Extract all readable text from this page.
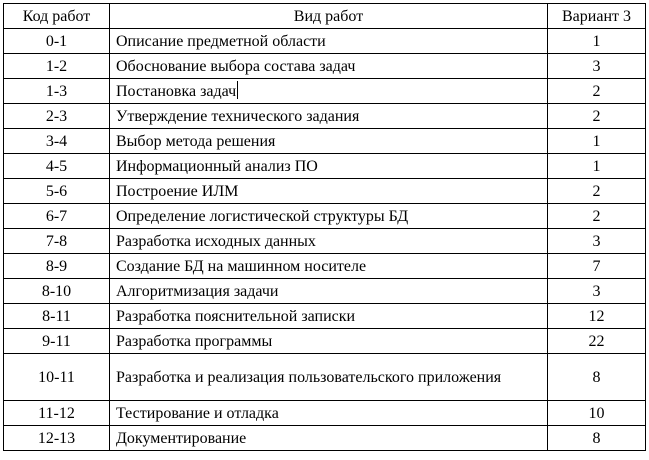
Код работ	Вид работ	Вариант 3
0-1	Описание предметной области	1
1-2	Обоснование выбора состава задач	3
1-3	Постановка задач	2
2-3	Утверждение технического задания	2
3-4	Выбор метода решения	1
4-5	Информационный анализ ПО	1
5-6	Построение ИЛМ	2
6-7	Определение логистической структуры БД	2
7-8	Разработка исходных данных	3
8-9	Создание БД на машинном носителе	7
8-10	Алгоритмизация задачи	3
8-11	Разработка пояснительной записки	12
9-11	Разработка программы	22
10-11	Разработка и реализация пользовательского приложения	8
11-12	Тестирование и отладка	10
12-13	Документирование	8
